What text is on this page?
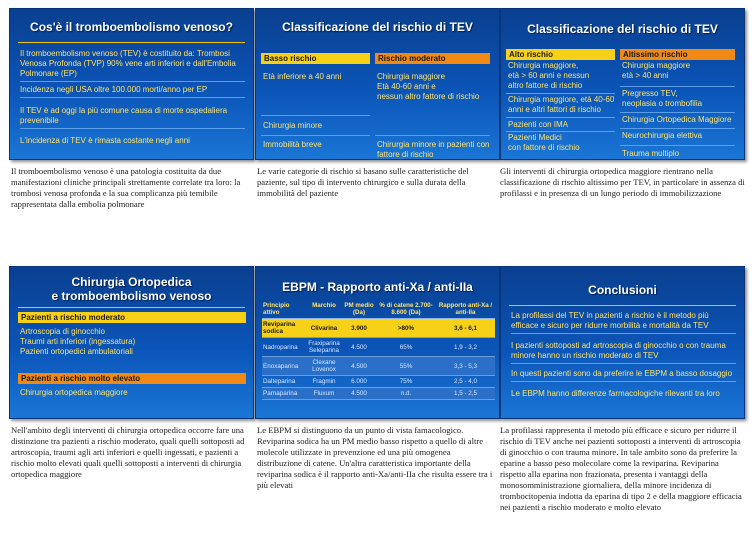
Cos'è il tromboembolismo venoso?
Il tromboembolismo venoso (TEV) è costituito da: Trombosi Venosa Profonda (TVP) 90% vene arti inferiori e dall'Embolia Polmonare (EP)
Incidenza negli USA oltre 100.000 morti/anno per EP
Il TEV è ad oggi la più comune causa di morte ospedaliera prevenibile
L'incidenza di TEV è rimasta costante negli anni
Il tromboembolismo venoso è una patologia costituita da due manifestazioni cliniche principali strettamente correlate tra loro: la trombosi venosa profonda e la sua complicanza più temibile rappresentata dalla embolia polmonare
Classificazione del rischio di TEV
Basso rischio	Rischio moderato
Età inferiore a 40 anni
Chirurgia minore
Immobilità breve
Chirurgia maggiore
Età 40-60 anni e
nessun altro fattore di rischio
Chirurgia minore in pazienti con fattore di rischio
Le varie categorie di rischio si basano sulle caratteristiche del paziente, sul tipo di intervento chirurgico e sulla durata della immobilità del paziente
Classificazione del rischio di TEV
Alto rischio	Altissimo rischio
Chirurgia maggiore,
età > 60 anni e nessun
altro fattore di rischio
Chirurgia maggiore, età 40-60
anni e altri fattori di rischio
Pazienti con IMA
Pazienti Medici
con fattore di rischio
Chirurgia maggiore
età > 40 anni
Pregresso TEV,
neoplasia o trombofilia
Chirurgia Ortopedica Maggiore
Neurochirurgia elettiva
Trauma multiplo
Gli interventi di chirurgia ortopedica maggiore rientrano nella classificazione di rischio altissimo per TEV, in particolare in assenza di profilassi e in presenza di un lungo periodo di immobilizzazione
Chirurgia Ortopedica
e tromboembolismo venoso
Pazienti a rischio moderato
Artroscopia di ginocchio
Traumi arti inferiori (ingessatura)
Pazienti ortopedici ambulatoriali
Pazienti a rischio molto elevato
Chirurgia ortopedica maggiore
Nell'ambito degli interventi di chirurgia ortopedica occorre fare una distinzione tra pazienti a rischio moderato, quali quelli sottoposti ad artroscopia, traumi agli arti inferiori e quelli ingessati, e pazienti a rischio molto elevati quali quelli sottoposti a interventi di chirurgia ortopedica maggiore
EBPM - Rapporto anti-Xa / anti-IIa
Principio attivo	Marchio	PM medio (Da)	% di catene 2.700-8.600 (Da)	Rapporto anti-Xa / anti-IIa
Reviparina sodica	Clivarina	3.900	>80%	3,6 - 6,1
Nadroparina	Fraxiparina
Seleparina	4.500	65%	1,9 - 3,2
Enoxaparina	Clexane
Lovenox	4.500	55%	3,3 - 5,3
Dalteparina	Fragmin	6.000	75%	2,5 - 4,0
Parnaparina	Fluxum	4.500	n.d.	1,5 - 2,5
Le EBPM si distinguono da un punto di vista famacologico. Reviparina sodica ha un PM medio basso rispetto a quello di altre molecole utilizzate in prevenzione ed una più omogenea distribuzione di catene. Un'altra caratteristica importante della reviparina sodica è il rapporto anti-Xa/anti-IIa che risulta essere tra i più elevati
Conclusioni
La profilassi del TEV in pazienti a rischio è il metodo più efficace e sicuro per ridurre morbilità e mortalità da TEV
I pazienti sottoposti ad artroscopia di ginocchio o con trauma minore hanno un rischio moderato di TEV
In questi pazienti sono da preferire le EBPM a basso dosaggio
Le EBPM hanno differenze farmacologiche rilevanti tra loro
La profilassi rappresenta il metodo più efficace e sicuro per ridurre il rischio di TEV anche nei pazienti sottoposti a interventi di artroscopia di ginocchio o con trauma minore. In tale ambito sono da preferire la eparine a basso peso molecolare come la reviparina. Reviparina rispetto alla eparina non frazionata, presenta i vantaggi della monosomministrazione giornaliera, della minore incidenza di trombocitopenia indotta da eparina di tipo 2 e della maggiore efficacia nei pazienti a rischio moderato e molto elevato
